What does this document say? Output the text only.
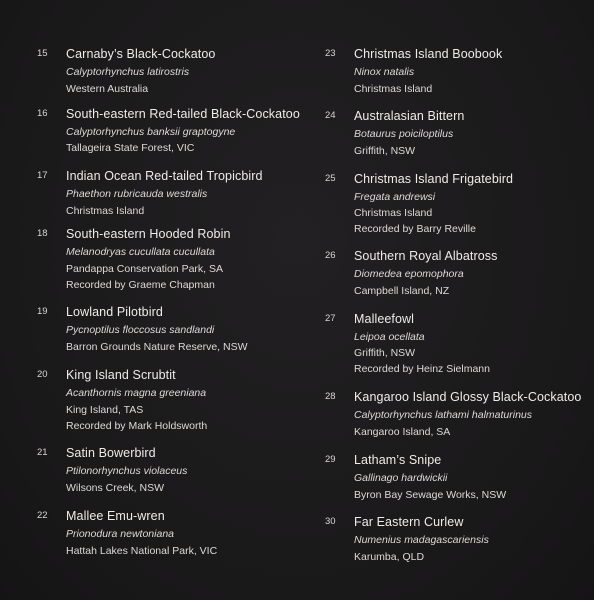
15 Carnaby’s Black-Cockatoo
Calyptorhynchus latirostris
Western Australia
16 South-eastern Red-tailed Black-Cockatoo
Calyptorhynchus banksii graptogyne
Tallageira State Forest, VIC
17 Indian Ocean Red-tailed Tropicbird
Phaethon rubricauda westralis
Christmas Island
18 South-eastern Hooded Robin
Melanodryas cucullata cucullata
Pandappa Conservation Park, SA
Recorded by Graeme Chapman
19 Lowland Pilotbird
Pycnoptilus floccosus sandlandi
Barron Grounds Nature Reserve, NSW
20 King Island Scrubtit
Acanthornis magna greeniana
King Island, TAS
Recorded by Mark Holdsworth
21 Satin Bowerbird
Ptilonorhynchus violaceus
Wilsons Creek, NSW
22 Mallee Emu-wren
Prionodura newtoniana
Hattah Lakes National Park, VIC
23 Christmas Island Boobook
Ninox natalis
Christmas Island
24 Australasian Bittern
Botaurus poiciloptilus
Griffith, NSW
25 Christmas Island Frigatebird
Fregata andrewsi
Christmas Island
Recorded by Barry Reville
26 Southern Royal Albatross
Diomedea epomophora
Campbell Island, NZ
27 Malleefowl
Leipoa ocellata
Griffith, NSW
Recorded by Heinz Sielmann
28 Kangaroo Island Glossy Black-Cockatoo
Calyptorhynchus lathami halmaturinus
Kangaroo Island, SA
29 Latham’s Snipe
Gallinago hardwickii
Byron Bay Sewage Works, NSW
30 Far Eastern Curlew
Numenius madagascariensis
Karumba, QLD
